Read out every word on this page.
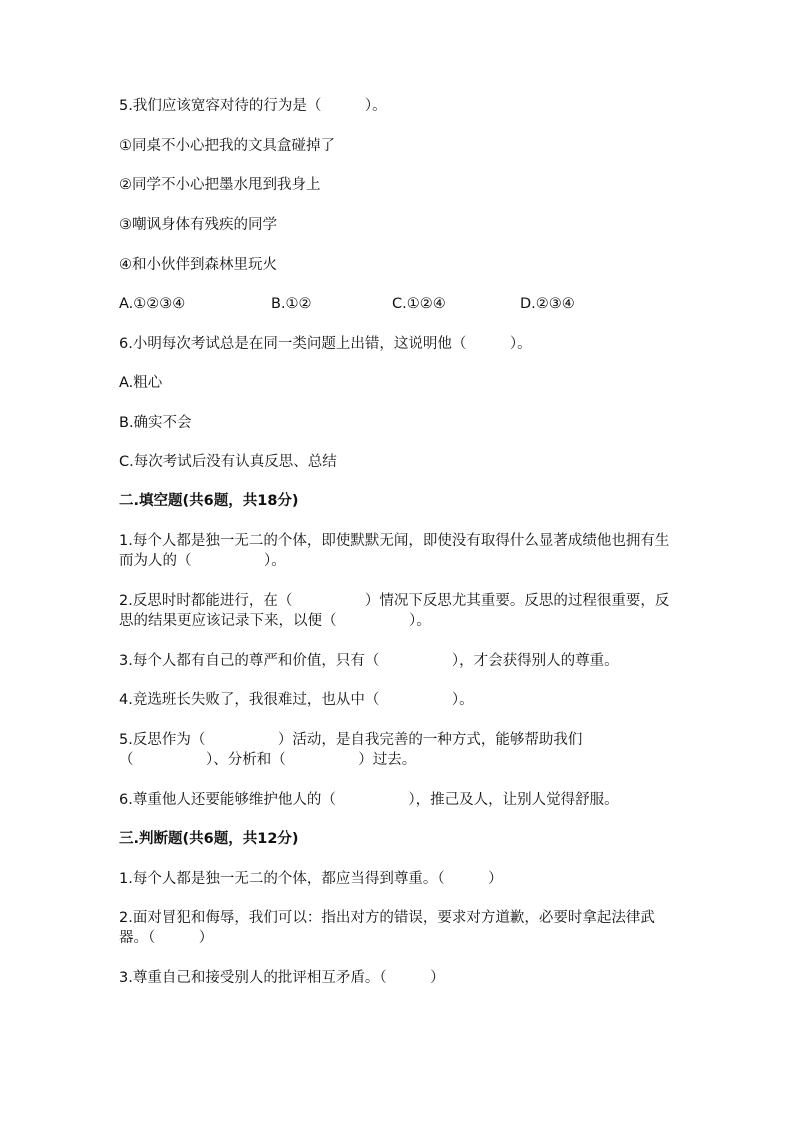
5.我们应该宽容对待的行为是（　　　）。
①同桌不小心把我的文具盒碰掉了
②同学不小心把墨水甩到我身上
③嘲讽身体有残疾的同学
④和小伙伴到森林里玩火
A.①②③④	B.①②	C.①②④	D.②③④
6.小明每次考试总是在同一类问题上出错，这说明他（　　　）。
A.粗心
B.确实不会
C.每次考试后没有认真反思、总结
二.填空题(共6题，共18分)
1.每个人都是独一无二的个体，即使默默无闻，即使没有取得什么显著成绩他也拥有生而为人的（　　　　　）。
2.反思时时都能进行，在（　　　　　）情况下反思尤其重要。反思的过程很重要，反思的结果更应该记录下来，以便（　　　　　）。
3.每个人都有自己的尊严和价值，只有（　　　　　），才会获得别人的尊重。
4.竞选班长失败了，我很难过，也从中（　　　　　）。
5.反思作为（　　　　　）活动，是自我完善的一种方式，能够帮助我们（　　　　　）、分析和（　　　　　）过去。
6.尊重他人还要能够维护他人的（　　　　　），推己及人，让别人觉得舒服。
三.判断题(共6题，共12分)
1.每个人都是独一无二的个体，都应当得到尊重。（　　　）
2.面对冒犯和侮辱，我们可以：指出对方的错误，要求对方道歉，必要时拿起法律武器。（　　　）
3.尊重自己和接受别人的批评相互矛盾。（　　　）
